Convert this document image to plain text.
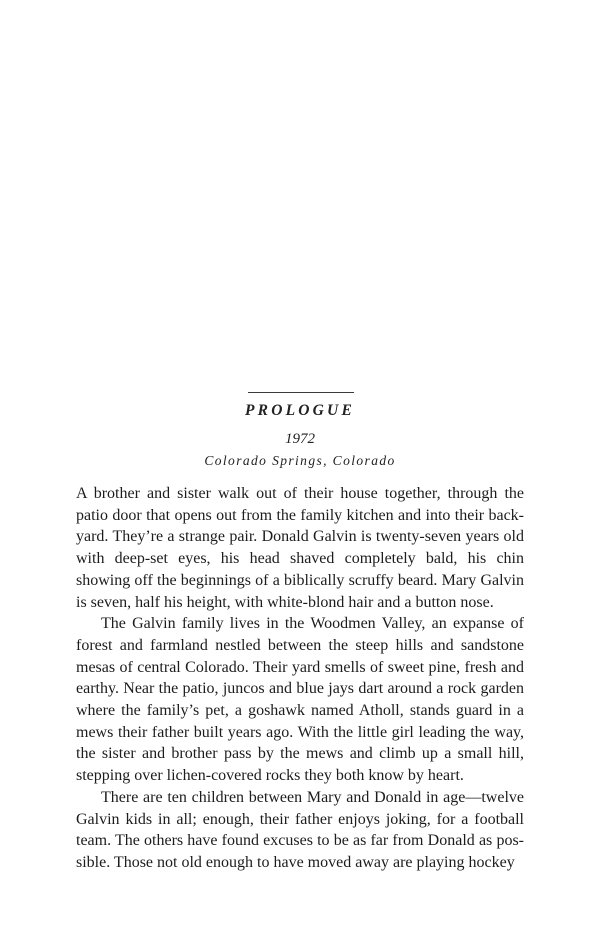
PROLOGUE
1972
Colorado Springs, Colorado

A brother and sister walk out of their house together, through the patio door that opens out from the family kitchen and into their backyard. They’re a strange pair. Donald Galvin is twenty-seven years old with deep-set eyes, his head shaved completely bald, his chin showing off the beginnings of a biblically scruffy beard. Mary Galvin is seven, half his height, with white-blond hair and a button nose.

The Galvin family lives in the Woodmen Valley, an expanse of forest and farmland nestled between the steep hills and sandstone mesas of central Colorado. Their yard smells of sweet pine, fresh and earthy. Near the patio, juncos and blue jays dart around a rock garden where the family’s pet, a goshawk named Atholl, stands guard in a mews their father built years ago. With the little girl leading the way, the sister and brother pass by the mews and climb up a small hill, stepping over lichen-covered rocks they both know by heart.

There are ten children between Mary and Donald in age—twelve Galvin kids in all; enough, their father enjoys joking, for a football team. The others have found excuses to be as far from Donald as possible. Those not old enough to have moved away are playing hockey
